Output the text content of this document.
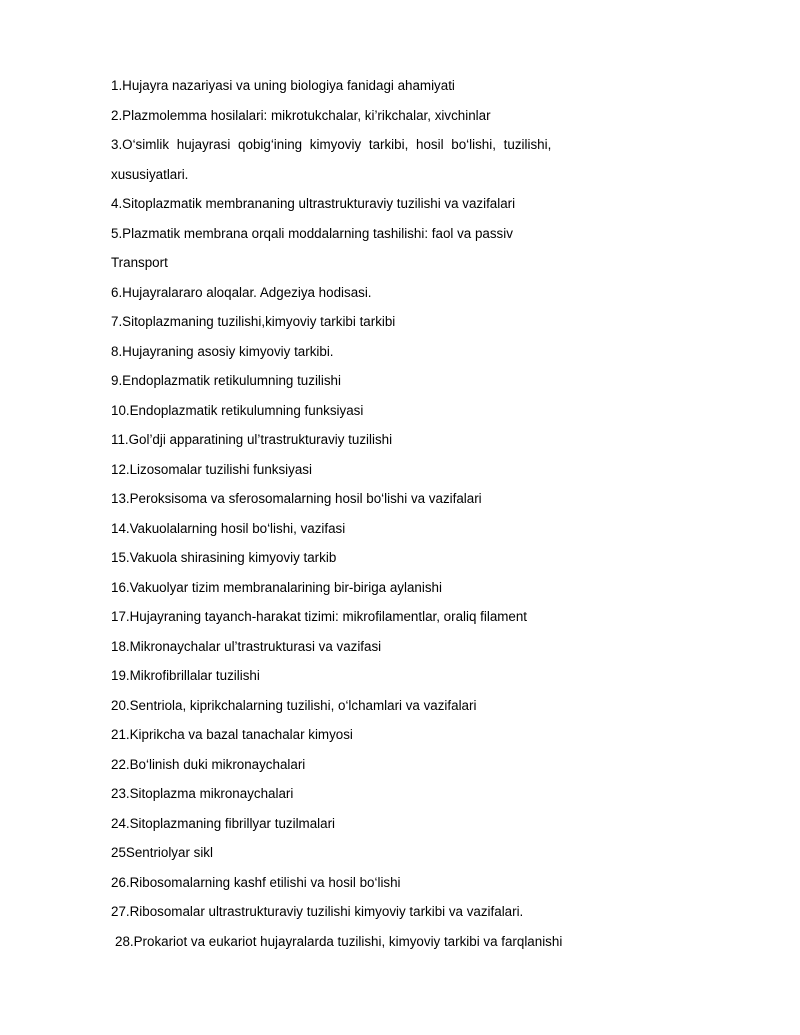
1.Hujayra nazariyasi va uning biologiya fanidagi ahamiyati
2.Plazmolemma hosilalari: mikrotukchalar, ki’rikchalar, xivchinlar
3.O‘simlik hujayrasi qobig‘ining kimyoviy tarkibi, hosil bo‘lishi, tuzilishi,
xususiyatlari.
4.Sitoplazmatik membrananing ultrastrukturaviy tuzilishi va vazifalari
5.Plazmatik membrana orqali moddalarning tashilishi: faol va passiv
Transport
6.Hujayralararo aloqalar. Adgeziya hodisasi.
7.Sitoplazmaning tuzilishi,kimyoviy tarkibi tarkibi
8.Hujayraning asosiy kimyoviy tarkibi.
9.Endoplazmatik retikulumning tuzilishi
10.Endoplazmatik retikulumning funksiyasi
11.Gol’dji apparatining ul’trastrukturaviy tuzilishi
12.Lizosomalar tuzilishi funksiyasi
13.Peroksisoma va sferosomalarning hosil bo‘lishi va vazifalari
14.Vakuolalarning hosil bo‘lishi, vazifasi
15.Vakuola shirasining kimyoviy tarkib
16.Vakuolyar tizim membranalarining bir-biriga aylanishi
17.Hujayraning tayanch-harakat tizimi: mikrofilamentlar, oraliq filament
18.Mikronaychalar ul’trastrukturasi va vazifasi
19.Mikrofibrillalar tuzilishi
20.Sentriola, kiprikchalarning tuzilishi, o‘lchamlari va vazifalari
21.Kiprikcha va bazal tanachalar kimyosi
22.Bo‘linish duki mikronaychalari
23.Sitoplazma mikronaychalari
24.Sitoplazmaning fibrillyar tuzilmalari
25Sentriolyar sikl
26.Ribosomalarning kashf etilishi va hosil bo‘lishi
27.Ribosomalar ultrastrukturaviy tuzilishi kimyoviy tarkibi va vazifalari.
28.Prokariot va eukariot hujayralarda tuzilishi, kimyoviy tarkibi va farqlanishi
